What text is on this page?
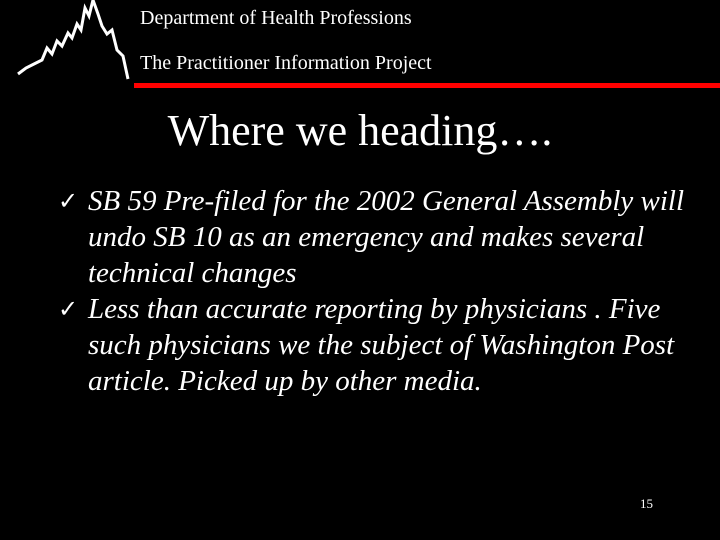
Department of Health Professions
The Practitioner Information Project
Where we heading….
✓ SB 59 Pre-filed for the 2002 General Assembly will undo SB 10 as an emergency and makes several technical changes
✓ Less than accurate reporting by physicians . Five such physicians we the subject of Washington Post article. Picked up by other media.
15
